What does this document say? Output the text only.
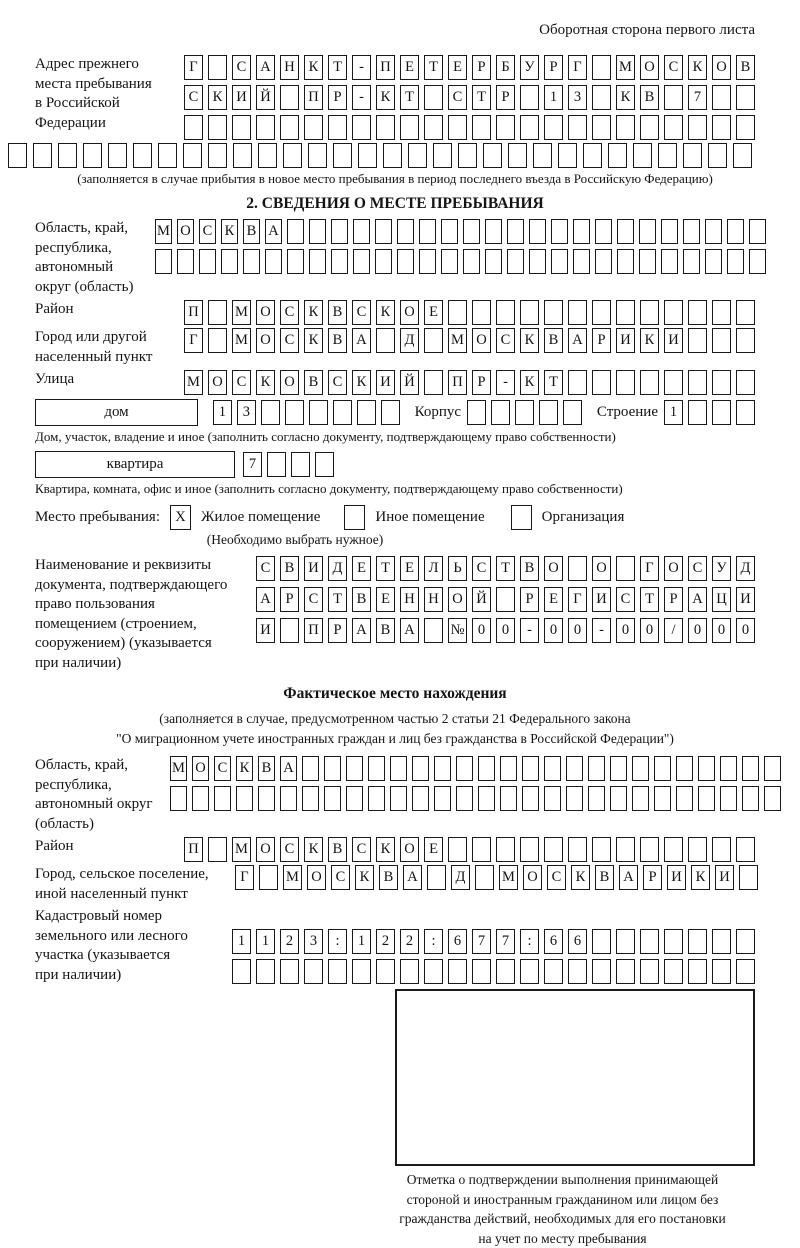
Оборотная сторона первого листа
Адрес прежнего
места пребывания
в Российской
Федерации
Г	С А Н К	Т	-	П Е	Т	Е	Р	Б	У	Р	Г	М О С К О В
С К И Й	П	Р	-	К	Т	С	Т	Р	1	3	К В	7
(заполняется в случае прибытия в новое место пребывания в период последнего въезда в Российскую Федерацию)
2. СВЕДЕНИЯ О МЕСТЕ ПРЕБЫВАНИЯ
Область, край,
республика,
автономный
округ (область)
М О С К В А
Район	П	М О С К В С К О Е
Город или другой
населенный пункт
Г	М О С К В А	Д	М О С К В А	Р	И К И
Улица	М О С К О В С К И Й	П	Р	-	К	Т
дом	1	3	Корпус	Строение 1
Дом, участок, владение и иное (заполнить согласно документу, подтверждающему право собственности)
квартира	7
Квартира, комната, офис и иное (заполнить согласно документу, подтверждающему право собственности)
Место пребывания:	X	Жилое помещение	Иное помещение	Организация
(Необходимо выбрать нужное)
Наименование и реквизиты
документа, подтверждающего
право пользования
помещением (строением,
сооружением) (указывается
при наличии)
С В И Д	Е	Т	Е	Л	Ь	С	Т	В О	О	Г	О С У Д
А	Р	С	Т	В	Е Н Н О Й	Р	Е	Г	И С	Т	Р	А Ц И
И	П	Р	А В А № 0	0	-	0	0	-	0	0	/	0	0	0
Фактическое место нахождения
(заполняется в случае, предусмотренном частью 2 статьи 21 Федерального закона
"О миграционном учете иностранных граждан и лиц без гражданства в Российской Федерации")
Область, край,
республика,
автономный округ
(область)
М О С К В А
Район	П	М О С К В С К О Е
Город, сельское поселение,
иной населенный пункт
Г	М О С К В А	Д	М О С К В А	Р	И К И
Кадастровый номер
земельного или лесного
участка (указывается
при наличии)
1	1	2	3	:	1	2	2	:	6	7	7	:	6	6
Отметка о подтверждении выполнения принимающей
стороной и иностранным гражданином или лицом без
гражданства действий, необходимых для его постановки
на учет по месту пребывания
